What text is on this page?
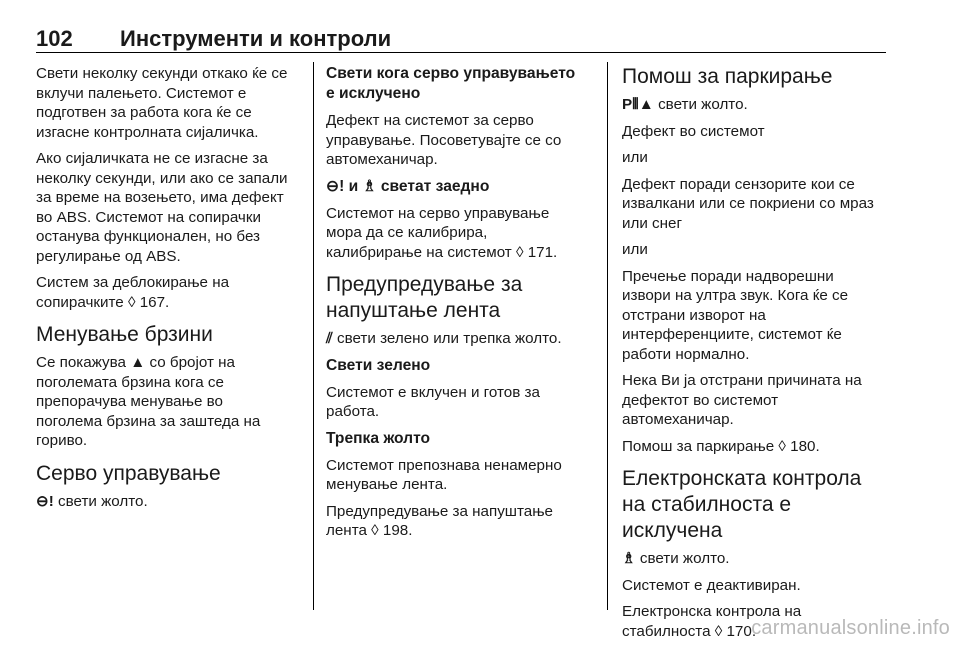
102 Инструменти и контроли

Свети неколку секунди откако ќе се
вклучи палењето. Системот е
подготвен за работа кога ќе се
изгасне контролната сијаличка.

Ако сијаличката не се изгасне за
неколку секунди, или ако се запали
за време на возењето, има дефект
во ABS. Системот на сопирачки
останува функционален, но без
регулирање од ABS.

Систем за деблокирање на
сопирачките ◊ 167.

Менување брзини

Се покажува ▲ со бројот на
поголемата брзина кога се
препорачува менување во
поголема брзина за заштеда на
гориво.

Серво управување

⊖! свети жолто.

Свети кога серво управувањето
е исклучено

Дефект на системот за серво
управување. Посоветувајте се со
автомеханичар.

⊖! и ♗ светат заедно

Системот на серво управување
мора да се калибрира,
калибрирање на системот ◊ 171.

Предупредување за
напуштање лента

⫽ свети зелено или трепка жолто.

Свети зелено

Системот е вклучен и готов за
работа.

Трепка жолто

Системот препознава ненамерно
менување лента.

Предупредување за напуштање
лента ◊ 198.

Помош за паркирање

P⦀▲ свети жолто.

Дефект во системот

или

Дефект поради сензорите кои се
извалкани или се покриени со мраз
или снег

или

Пречење поради надворешни
извори на ултра звук. Кога ќе се
отстрани изворот на
интерференциите, системот ќе
работи нормално.

Нека Ви ја отстрани причината на
дефектот во системот
автомеханичар.

Помош за паркирање ◊ 180.

Електронската контрола
на стабилноста е
исклучена

♗ свети жолто.

Системот е деактивиран.

Електронска контрола на
стабилноста ◊ 170.

carmanualsonline.info
